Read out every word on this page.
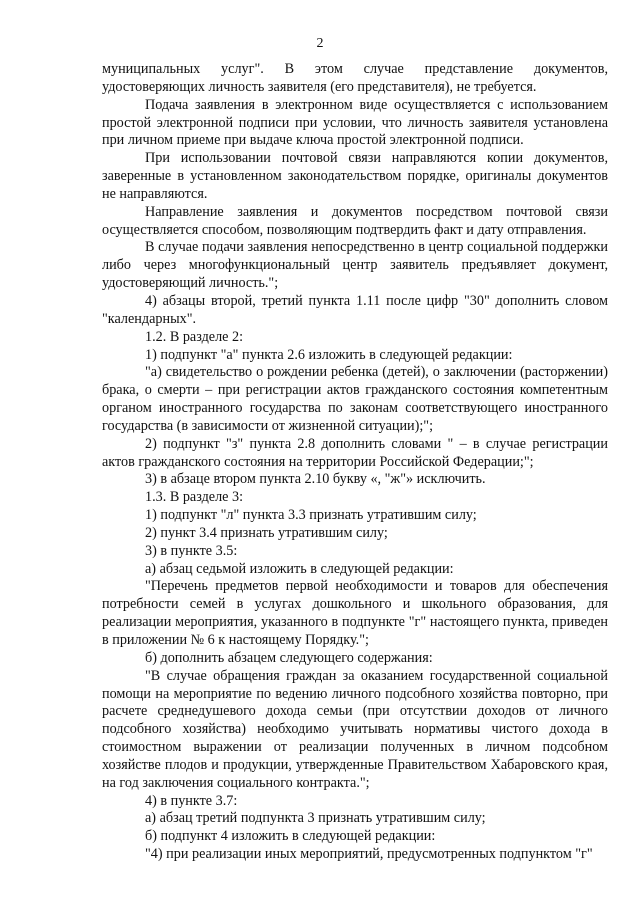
2

муниципальных услуг". В этом случае представление документов, удостоверяющих личность заявителя (его представителя), не требуется.

Подача заявления в электронном виде осуществляется с использованием простой электронной подписи при условии, что личность заявителя установлена при личном приеме при выдаче ключа простой электронной подписи.

При использовании почтовой связи направляются копии документов, заверенные в установленном законодательством порядке, оригиналы документов не направляются.

Направление заявления и документов посредством почтовой связи осуществляется способом, позволяющим подтвердить факт и дату отправления.

В случае подачи заявления непосредственно в центр социальной поддержки либо через многофункциональный центр заявитель предъявляет документ, удостоверяющий личность.";

4) абзацы второй, третий пункта 1.11 после цифр "30" дополнить словом "календарных".

1.2. В разделе 2:

1) подпункт "а" пункта 2.6 изложить в следующей редакции:

"а) свидетельство о рождении ребенка (детей), о заключении (расторжении) брака, о смерти – при регистрации актов гражданского состояния компетентным органом иностранного государства по законам соответствующего иностранного государства (в зависимости от жизненной ситуации);";

2) подпункт "з" пункта 2.8 дополнить словами " – в случае регистрации актов гражданского состояния на территории Российской Федерации;";

3) в абзаце втором пункта 2.10 букву «, "ж"» исключить.

1.3. В разделе 3:

1) подпункт "л" пункта 3.3 признать утратившим силу;

2) пункт 3.4 признать утратившим силу;

3) в пункте 3.5:

а) абзац седьмой изложить в следующей редакции:

"Перечень предметов первой необходимости и товаров для обеспечения потребности семей в услугах дошкольного и школьного образования, для реализации мероприятия, указанного в подпункте "г" настоящего пункта, приведен в приложении № 6 к настоящему Порядку.";

б) дополнить абзацем следующего содержания:

"В случае обращения граждан за оказанием государственной социальной помощи на мероприятие по ведению личного подсобного хозяйства повторно, при расчете среднедушевого дохода семьи (при отсутствии доходов от личного подсобного хозяйства) необходимо учитывать нормативы чистого дохода в стоимостном выражении от реализации полученных в личном подсобном хозяйстве плодов и продукции, утвержденные Правительством Хабаровского края, на год заключения социального контракта.";

4) в пункте 3.7:

а) абзац третий подпункта 3 признать утратившим силу;

б) подпункт 4 изложить в следующей редакции:

"4) при реализации иных мероприятий, предусмотренных подпунктом "г"
